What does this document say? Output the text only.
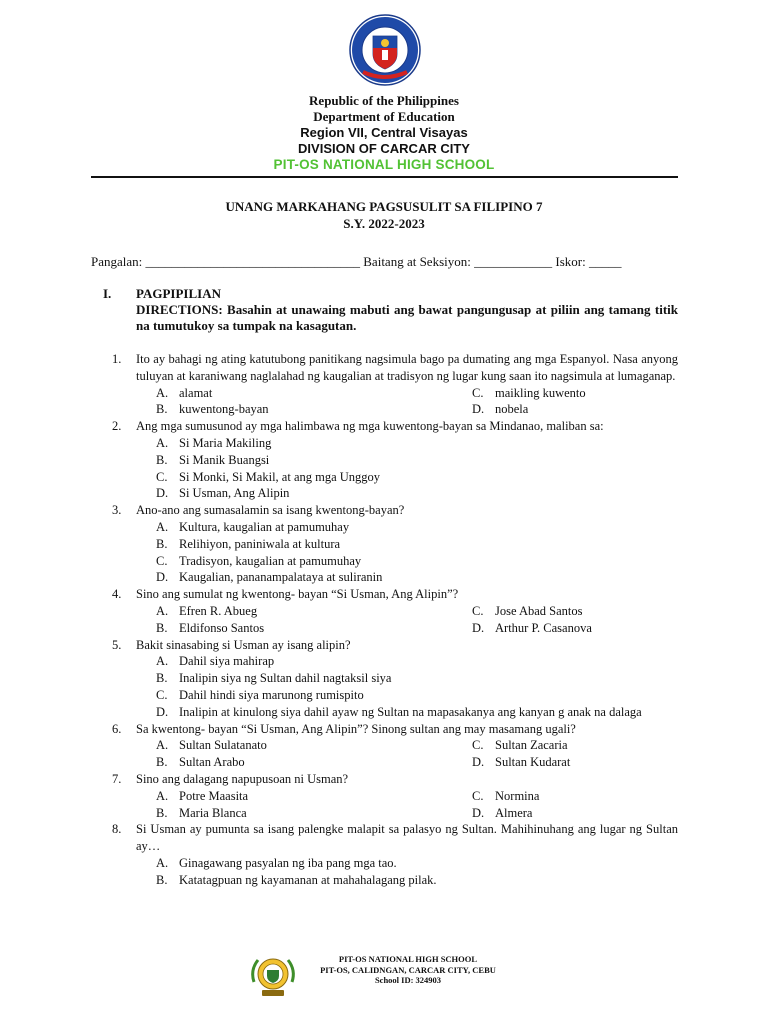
Republic of the Philippines
Department of Education
Region VII, Central Visayas
DIVISION OF CARCAR CITY
PIT-OS NATIONAL HIGH SCHOOL
UNANG MARKAHANG PAGSUSULIT SA FILIPINO 7
S.Y. 2022-2023
Pangalan: _________________________________ Baitang at Seksiyon: ____________ Iskor: _____
I. PAGPIPILIAN
DIRECTIONS: Basahin at unawaing mabuti ang bawat pangungusap at piliin ang tamang titik na tumutukoy sa tumpak na kasagutan.
1. Ito ay bahagi ng ating katutubong panitikang nagsimula bago pa dumating ang mga Espanyol. Nasa anyong tuluyan at karaniwang naglalahad ng kaugalian at tradisyon ng lugar kung saan ito nagsimula at lumaganap.
A. alamat	C. maikling kuwento
B. kuwentong-bayan	D. nobela
2. Ang mga sumusunod ay mga halimbawa ng mga kuwentong-bayan sa Mindanao, maliban sa:
A. Si Maria Makiling
B. Si Manik Buangsi
C. Si Monki, Si Makil, at ang mga Unggoy
D. Si Usman, Ang Alipin
3. Ano-ano ang sumasalamin sa isang kwentong-bayan?
A. Kultura, kaugalian at pamumuhay
B. Relihiyon, paniniwala at kultura
C. Tradisyon, kaugalian at pamumuhay
D. Kaugalian, pananampalataya at suliranin
4. Sino ang sumulat ng kwentong- bayan “Si Usman, Ang Alipin”?
A. Efren R. Abueg	C. Jose Abad Santos
B. Eldifonso Santos	D. Arthur P. Casanova
5. Bakit sinasabing si Usman ay isang alipin?
A. Dahil siya mahirap
B. Inalipin siya ng Sultan dahil nagtaksil siya
C. Dahil hindi siya marunong rumispito
D. Inalipin at kinulong siya dahil ayaw ng Sultan na mapasakanya ang kanyan g anak na dalaga
6. Sa kwentong- bayan “Si Usman, Ang Alipin”? Sinong sultan ang may masamang ugali?
A. Sultan Sulatanato	C. Sultan Zacaria
B. Sultan Arabo	D. Sultan Kudarat
7. Sino ang dalagang napupusoan ni Usman?
A. Potre Maasita	C. Normina
B. Maria Blanca	D. Almera
8. Si Usman ay pumunta sa isang palengke malapit sa palasyo ng Sultan. Mahihinuhang ang lugar ng Sultan ay…
A. Ginagawang pasyalan ng iba pang mga tao.
B. Katatagpuan ng kayamanan at mahahalagang pilak.
PIT-OS NATIONAL HIGH SCHOOL
PIT-OS, CALIDNGAN, CARCAR CITY, CEBU
School ID: 324903
